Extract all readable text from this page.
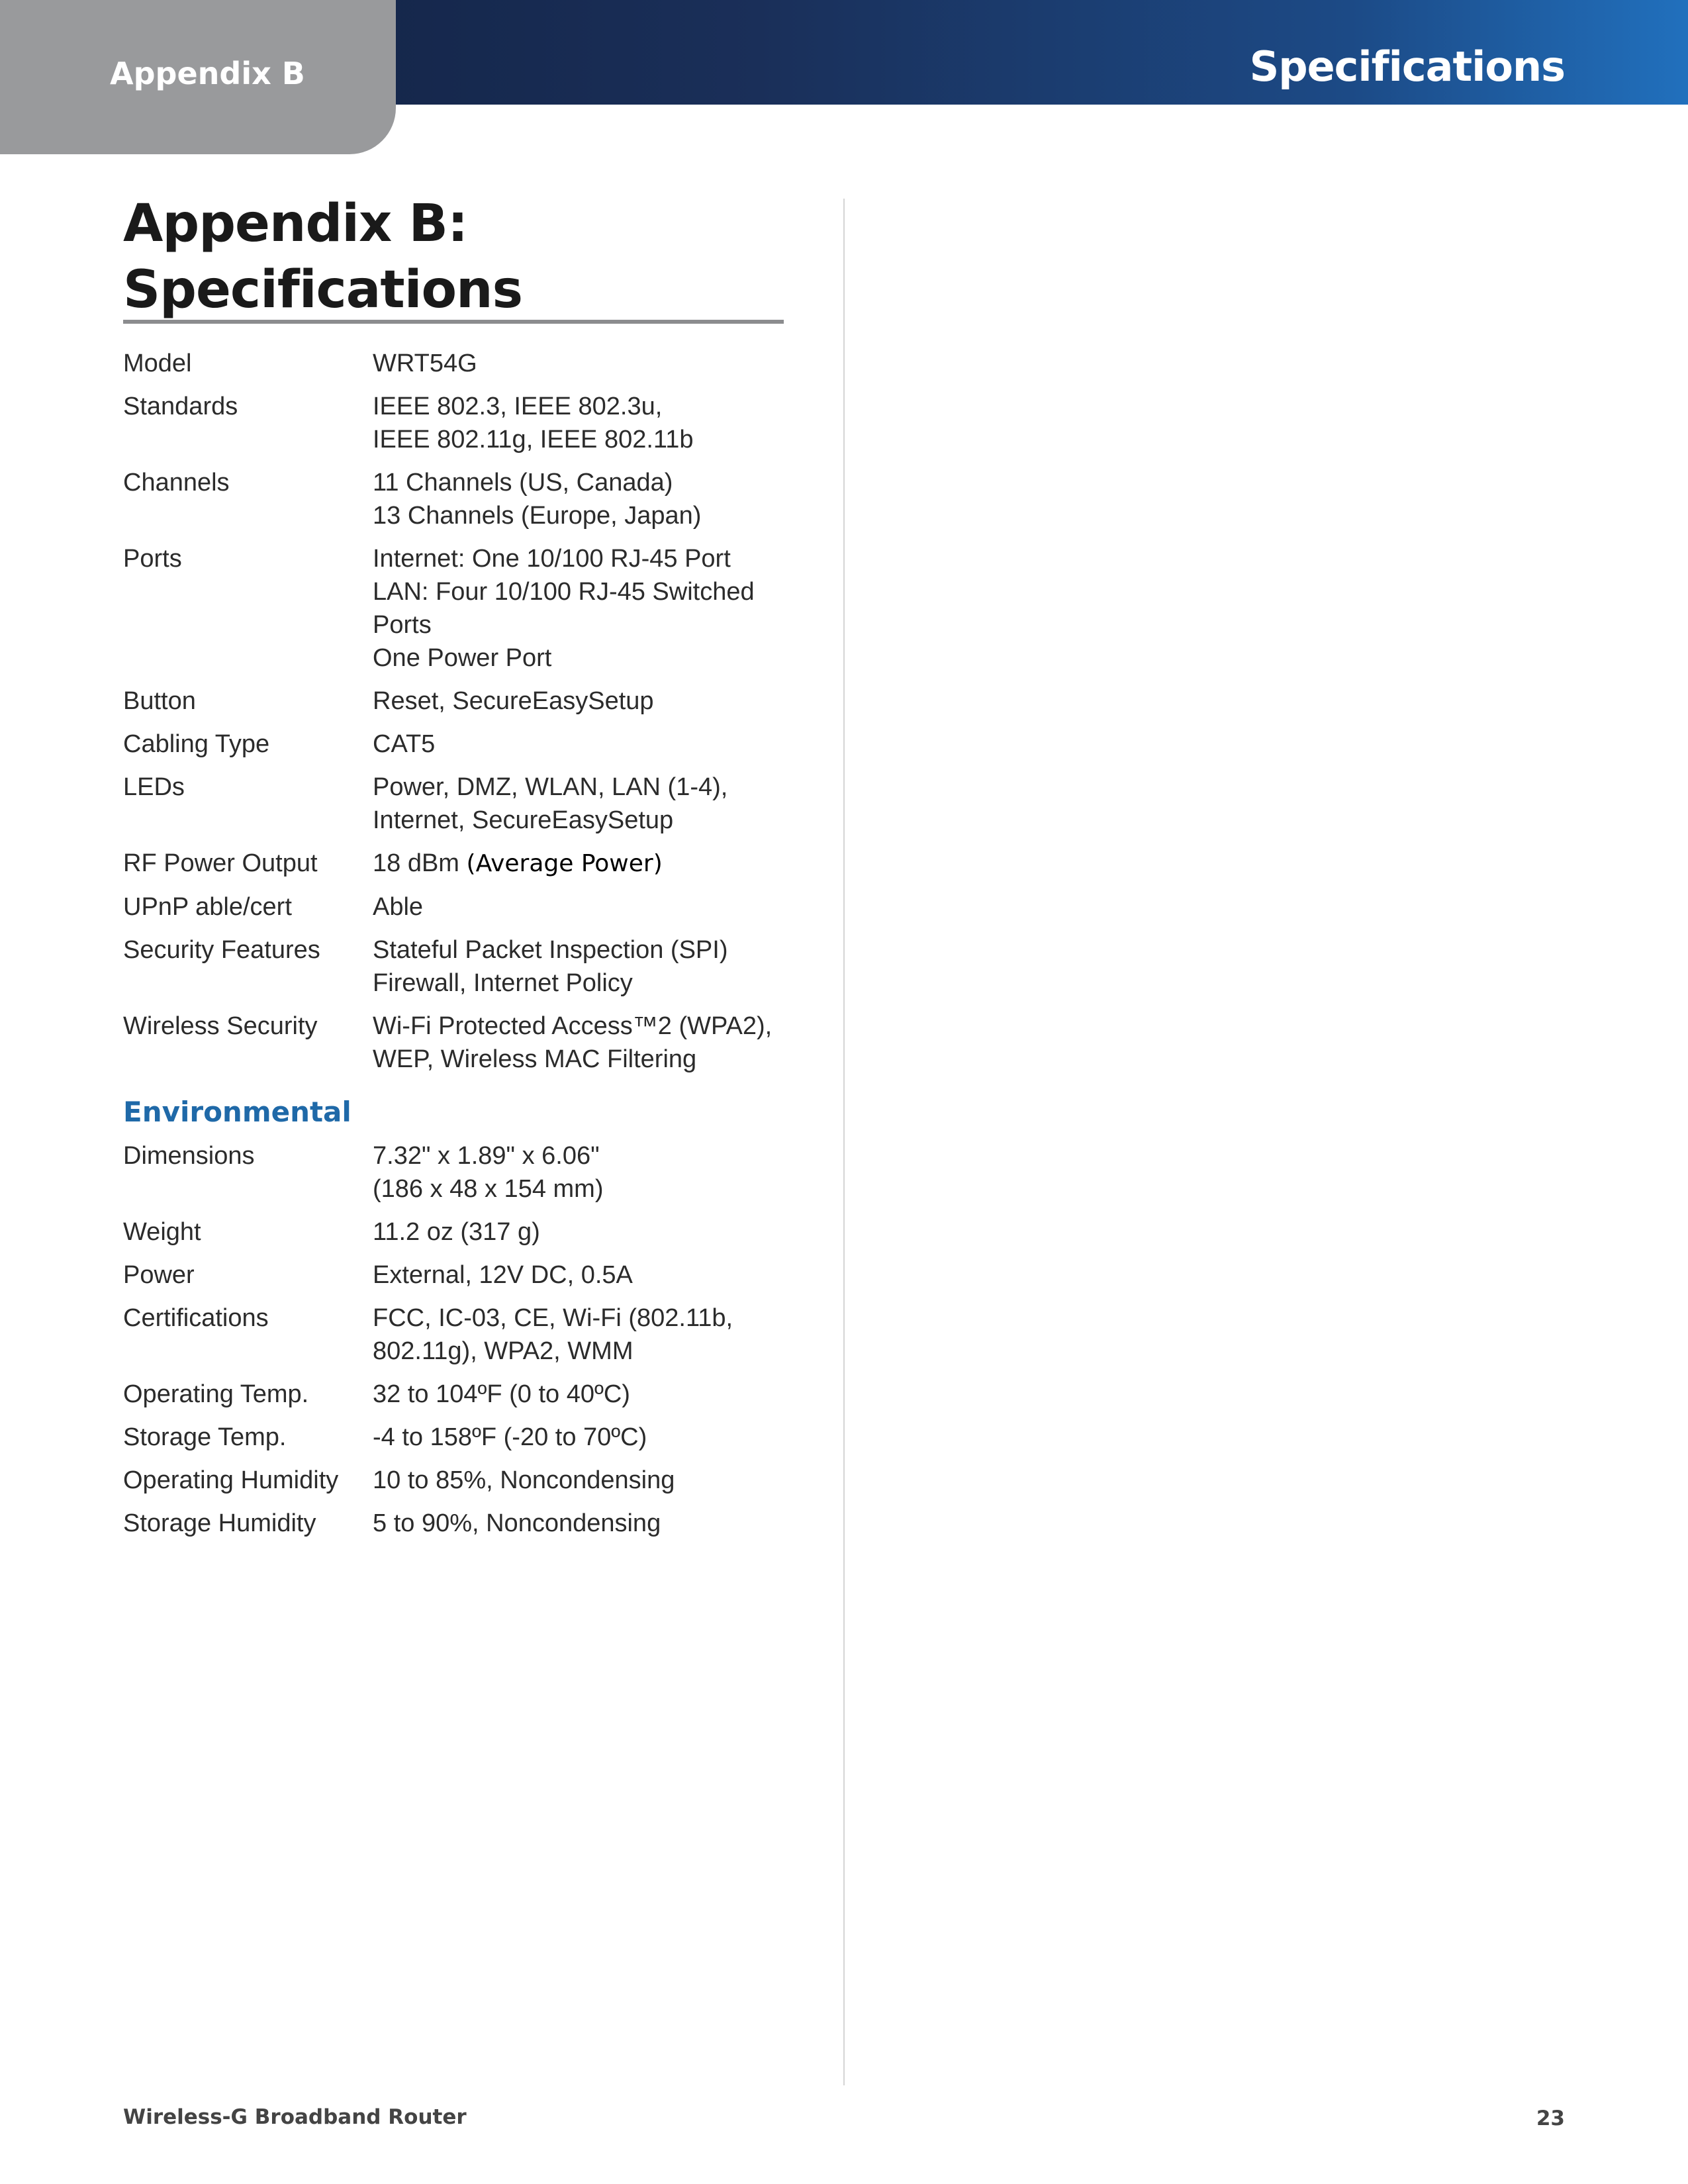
Appendix B	Specifications
Appendix B:
Specifications
Model	WRT54G
Standards	IEEE 802.3, IEEE 802.3u,
IEEE 802.11g, IEEE 802.11b
Channels	11 Channels (US, Canada)
13 Channels (Europe, Japan)
Ports	Internet: One 10/100 RJ-45 Port
LAN: Four 10/100 RJ-45 Switched
Ports
One Power Port
Button	Reset, SecureEasySetup
Cabling Type	CAT5
LEDs	Power, DMZ, WLAN, LAN (1-4),
Internet, SecureEasySetup
RF Power Output	18 dBm (Average Power)
UPnP able/cert	Able
Security Features	Stateful Packet Inspection (SPI)
Firewall, Internet Policy
Wireless Security	Wi-Fi Protected Access™2 (WPA2),
WEP, Wireless MAC Filtering
Environmental
Dimensions	7.32" x 1.89" x 6.06"
(186 x 48 x 154 mm)
Weight	11.2 oz (317 g)
Power	External, 12V DC, 0.5A
Certifications	FCC, IC-03, CE, Wi-Fi (802.11b,
802.11g), WPA2, WMM
Operating Temp.	32 to 104ºF (0 to 40ºC)
Storage Temp.	-4 to 158ºF (-20 to 70ºC)
Operating Humidity	10 to 85%, Noncondensing
Storage Humidity	5 to 90%, Noncondensing
Wireless-G Broadband Router	23
